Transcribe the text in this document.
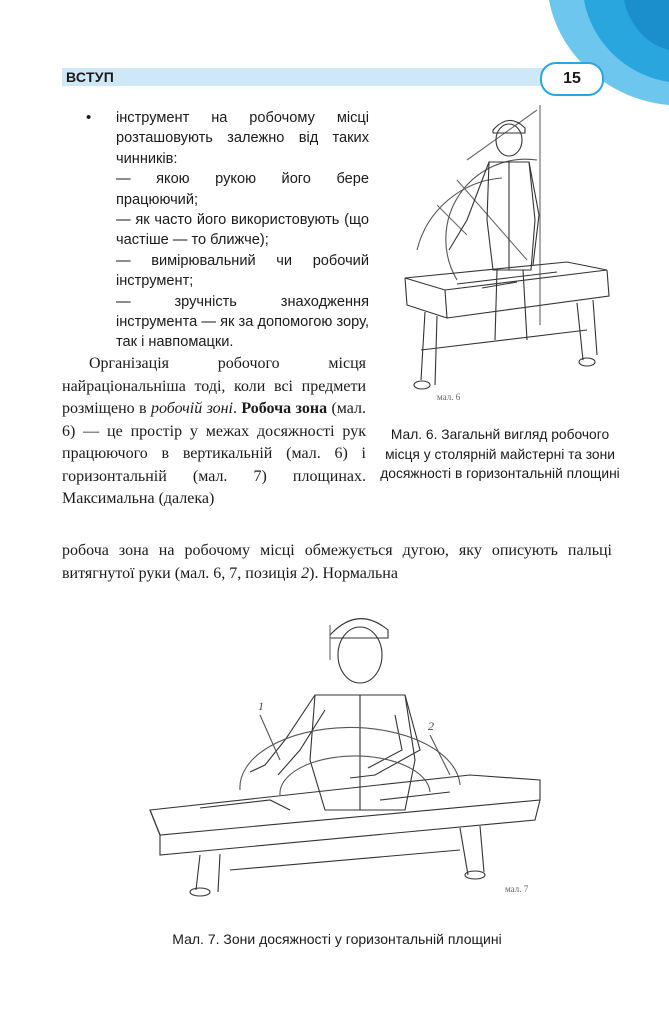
ВСТУП	15
•	інструмент на робочому місці розташовують залежно від таких чинників:

— якою рукою його бере працюючий;

— як часто його використовують (що частіше — то ближче);

— вимірювальний чи робочий інструмент;

— зручність знаходження інструмента — як за допомогою зору, так і навпомацки.

Організація робочого місця найраціональніша тоді, коли всі предмети розміщено в робочій зоні. Робоча зона (мал. 6) — це простір у межах досяжності рук працюючого в вертикальній (мал. 6) і горизонтальній (мал. 7) площинах. Максимальна (далека)

робоча зона на робочому місці обмежується дугою, яку описують пальці витягнутої руки (мал. 6, 7, позиція 2). Нормальна

мал. 6
Мал. 6. Загальнй вигляд робочого місця у столярній майстерні та зони досяжності в горизонтальній площині
1
2
мал. 7
Мал. 7. Зони досяжності у горизонтальній площині
